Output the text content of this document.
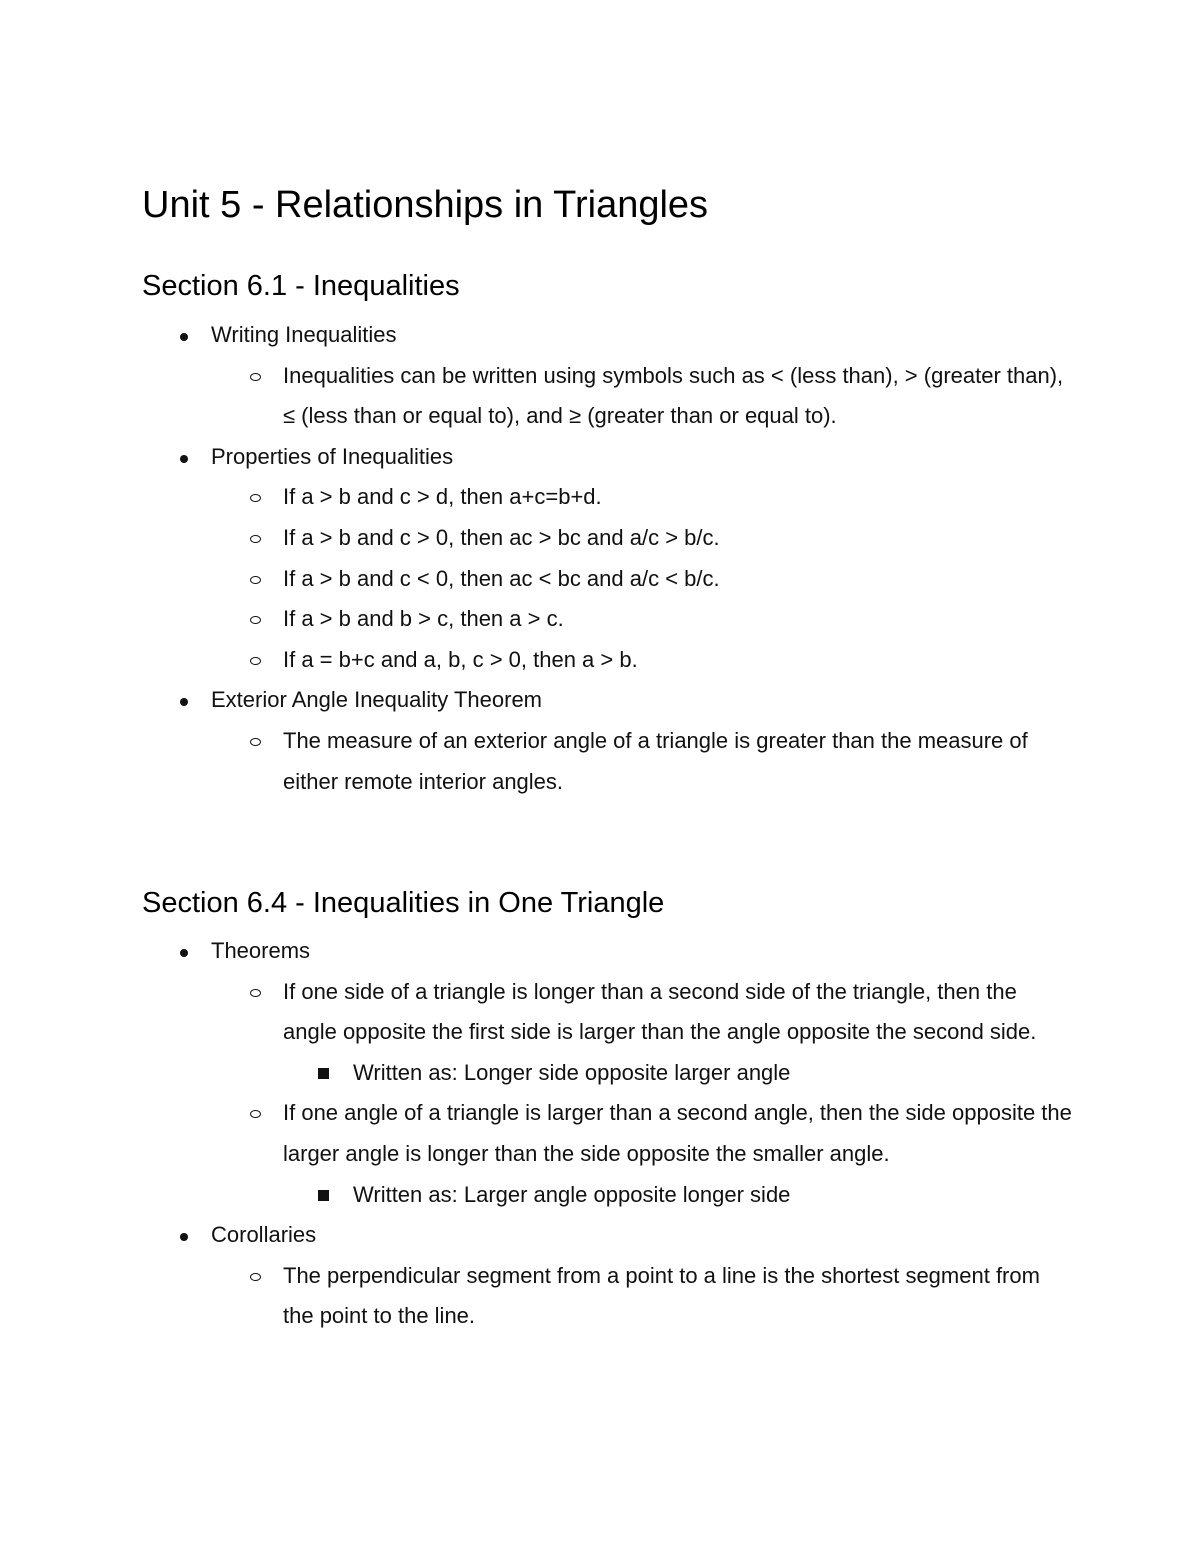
Unit 5 - Relationships in Triangles
Section 6.1 - Inequalities
Writing Inequalities
Inequalities can be written using symbols such as < (less than), > (greater than), ≤ (less than or equal to), and ≥ (greater than or equal to).
Properties of Inequalities
If a > b and c > d, then a+c=b+d.
If a > b and c > 0, then ac > bc and a/c > b/c.
If a > b and c < 0, then ac < bc and a/c < b/c.
If a > b and b > c, then a > c.
If a = b+c and a, b, c > 0, then a > b.
Exterior Angle Inequality Theorem
The measure of an exterior angle of a triangle is greater than the measure of either remote interior angles.
Section 6.4 - Inequalities in One Triangle
Theorems
If one side of a triangle is longer than a second side of the triangle, then the angle opposite the first side is larger than the angle opposite the second side.
Written as: Longer side opposite larger angle
If one angle of a triangle is larger than a second angle, then the side opposite the larger angle is longer than the side opposite the smaller angle.
Written as: Larger angle opposite longer side
Corollaries
The perpendicular segment from a point to a line is the shortest segment from the point to the line.
